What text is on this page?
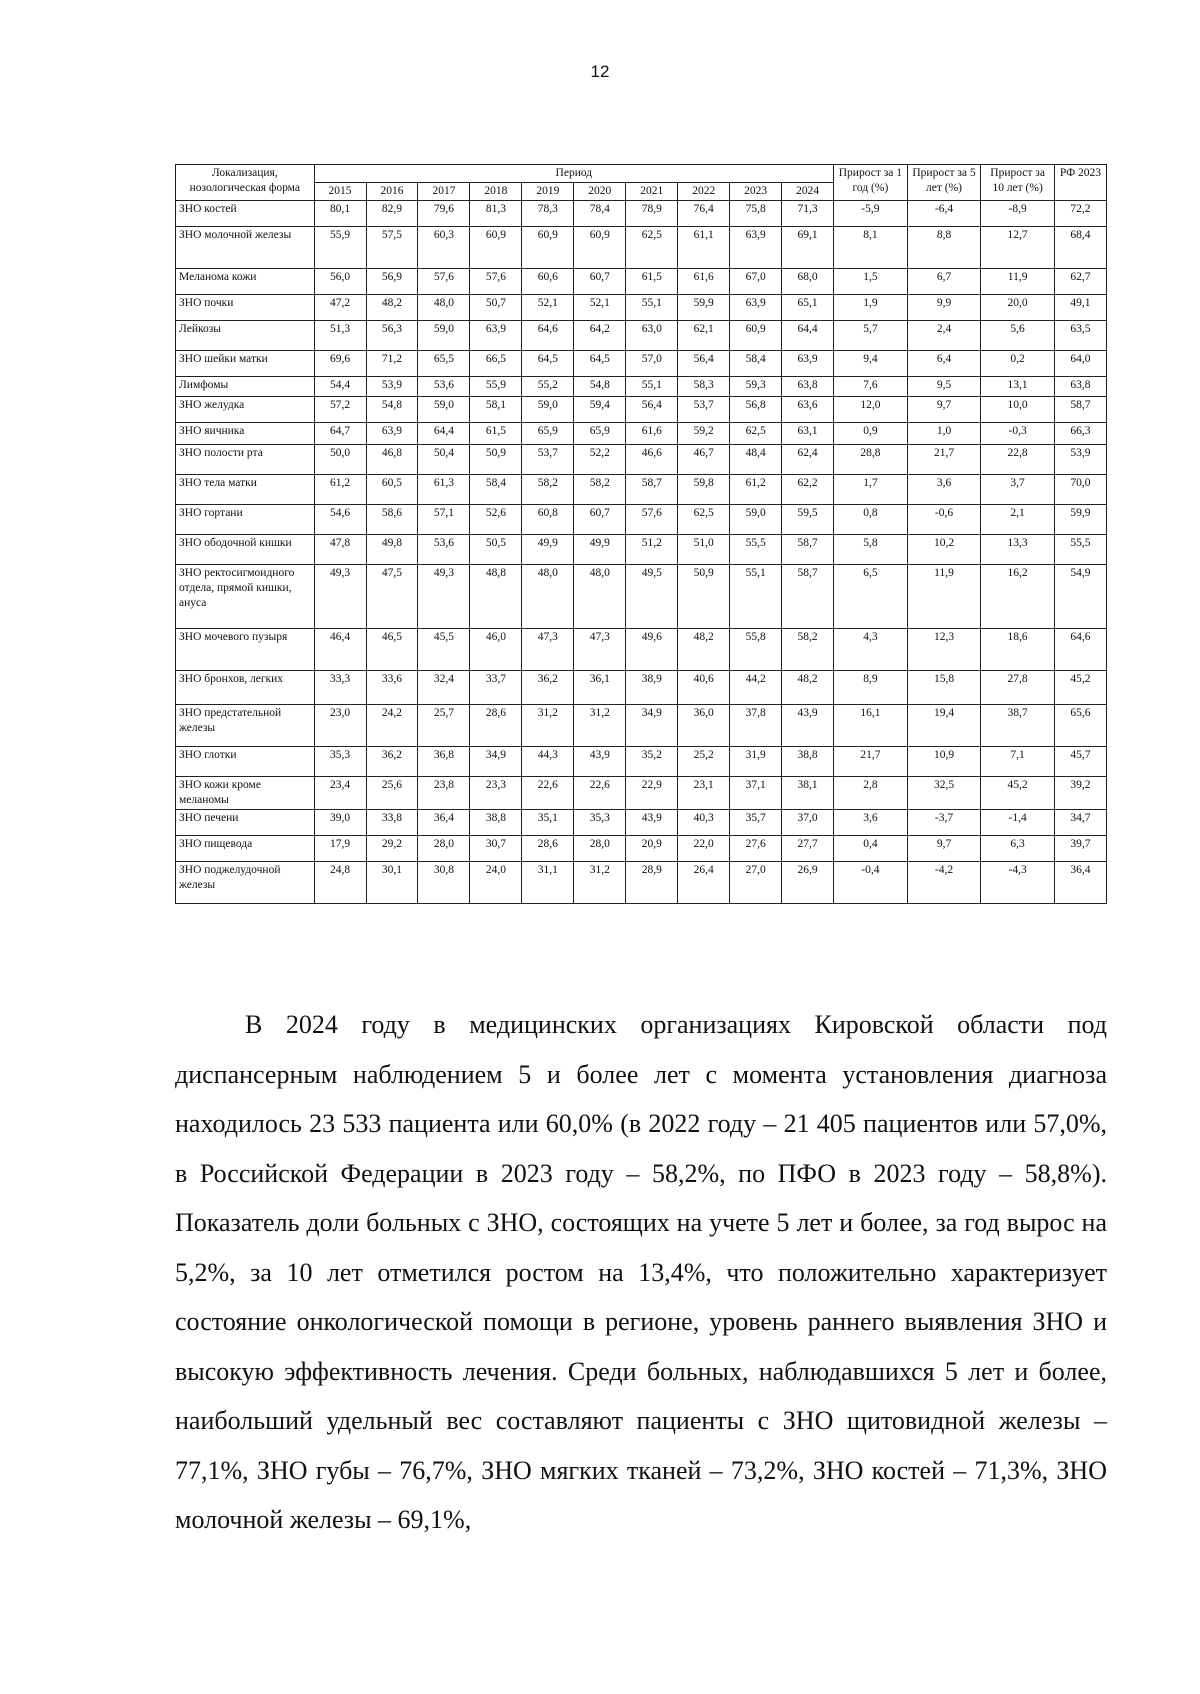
12
Локализация, нозологическая форма	Период										Прирост за 1 год (%)	Прирост за 5 лет (%)	Прирост за 10 лет (%)	РФ 2023
	2015	2016	2017	2018	2019	2020	2021	2022	2023	2024				
ЗНО костей	80,1	82,9	79,6	81,3	78,3	78,4	78,9	76,4	75,8	71,3	-5,9	-6,4	-8,9	72,2
ЗНО молочной железы	55,9	57,5	60,3	60,9	60,9	60,9	62,5	61,1	63,9	69,1	8,1	8,8	12,7	68,4
Меланома кожи	56,0	56,9	57,6	57,6	60,6	60,7	61,5	61,6	67,0	68,0	1,5	6,7	11,9	62,7
ЗНО почки	47,2	48,2	48,0	50,7	52,1	52,1	55,1	59,9	63,9	65,1	1,9	9,9	20,0	49,1
Лейкозы	51,3	56,3	59,0	63,9	64,6	64,2	63,0	62,1	60,9	64,4	5,7	2,4	5,6	63,5
ЗНО шейки матки	69,6	71,2	65,5	66,5	64,5	64,5	57,0	56,4	58,4	63,9	9,4	6,4	0,2	64,0
Лимфомы	54,4	53,9	53,6	55,9	55,2	54,8	55,1	58,3	59,3	63,8	7,6	9,5	13,1	63,8
ЗНО желудка	57,2	54,8	59,0	58,1	59,0	59,4	56,4	53,7	56,8	63,6	12,0	9,7	10,0	58,7
ЗНО яичника	64,7	63,9	64,4	61,5	65,9	65,9	61,6	59,2	62,5	63,1	0,9	1,0	-0,3	66,3
ЗНО полости рта	50,0	46,8	50,4	50,9	53,7	52,2	46,6	46,7	48,4	62,4	28,8	21,7	22,8	53,9
ЗНО тела матки	61,2	60,5	61,3	58,4	58,2	58,2	58,7	59,8	61,2	62,2	1,7	3,6	3,7	70,0
ЗНО гортани	54,6	58,6	57,1	52,6	60,8	60,7	57,6	62,5	59,0	59,5	0,8	-0,6	2,1	59,9
ЗНО ободочной кишки	47,8	49,8	53,6	50,5	49,9	49,9	51,2	51,0	55,5	58,7	5,8	10,2	13,3	55,5
ЗНО ректосигмоидного отдела, прямой кишки, ануса	49,3	47,5	49,3	48,8	48,0	48,0	49,5	50,9	55,1	58,7	6,5	11,9	16,2	54,9
ЗНО мочевого пузыря	46,4	46,5	45,5	46,0	47,3	47,3	49,6	48,2	55,8	58,2	4,3	12,3	18,6	64,6
ЗНО бронхов, легких	33,3	33,6	32,4	33,7	36,2	36,1	38,9	40,6	44,2	48,2	8,9	15,8	27,8	45,2
ЗНО предстательной железы	23,0	24,2	25,7	28,6	31,2	31,2	34,9	36,0	37,8	43,9	16,1	19,4	38,7	65,6
ЗНО глотки	35,3	36,2	36,8	34,9	44,3	43,9	35,2	25,2	31,9	38,8	21,7	10,9	7,1	45,7
ЗНО кожи кроме меланомы	23,4	25,6	23,8	23,3	22,6	22,6	22,9	23,1	37,1	38,1	2,8	32,5	45,2	39,2
ЗНО печени	39,0	33,8	36,4	38,8	35,1	35,3	43,9	40,3	35,7	37,0	3,6	-3,7	-1,4	34,7
ЗНО пищевода	17,9	29,2	28,0	30,7	28,6	28,0	20,9	22,0	27,6	27,7	0,4	9,7	6,3	39,7
ЗНО поджелудочной железы	24,8	30,1	30,8	24,0	31,1	31,2	28,9	26,4	27,0	26,9	-0,4	-4,2	-4,3	36,4

В 2024 году в медицинских организациях Кировской области под диспансерным наблюдением 5 и более лет с момента установления диагноза находилось 23 533 пациента или 60,0% (в 2022 году – 21 405 пациентов или 57,0%, в Российской Федерации в 2023 году – 58,2%, по ПФО в 2023 году – 58,8%). Показатель доли больных с ЗНО, состоящих на учете 5 лет и более, за год вырос на 5,2%, за 10 лет отметился ростом на 13,4%, что положительно характеризует состояние онкологической помощи в регионе, уровень раннего выявления ЗНО и высокую эффективность лечения. Среди больных, наблюдавшихся 5 лет и более, наибольший удельный вес составляют пациенты с ЗНО щитовидной железы – 77,1%, ЗНО губы – 76,7%, ЗНО мягких тканей – 73,2%, ЗНО костей – 71,3%, ЗНО молочной железы – 69,1%,
